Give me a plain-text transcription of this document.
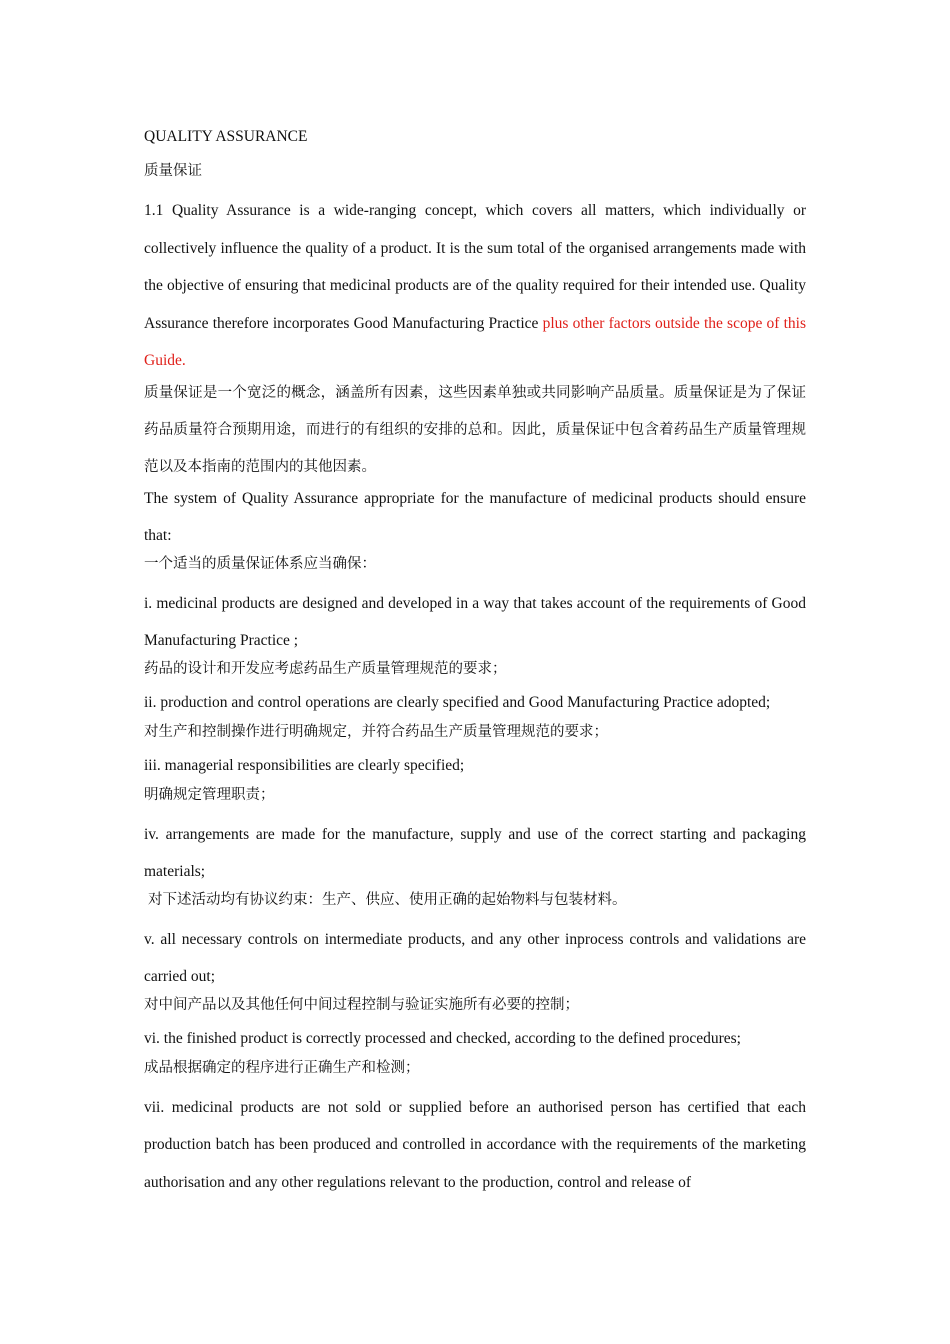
QUALITY ASSURANCE

质量保证

1.1 Quality Assurance is a wide-ranging concept, which covers all matters, which individually or collectively influence the quality of a product. It is the sum total of the organised arrangements made with the objective of ensuring that medicinal products are of the quality required for their intended use. Quality Assurance therefore incorporates Good Manufacturing Practice plus other factors outside the scope of this Guide.

质量保证是一个宽泛的概念，涵盖所有因素，这些因素单独或共同影响产品质量。质量保证是为了保证药品质量符合预期用途，而进行的有组织的安排的总和。因此，质量保证中包含着药品生产质量管理规范以及本指南的范围内的其他因素。

The system of Quality Assurance appropriate for the manufacture of medicinal products should ensure that:

一个适当的质量保证体系应当确保：

i. medicinal products are designed and developed in a way that takes account of the requirements of Good Manufacturing Practice ;

药品的设计和开发应考虑药品生产质量管理规范的要求；

ii. production and control operations are clearly specified and Good Manufacturing Practice adopted;

对生产和控制操作进行明确规定，并符合药品生产质量管理规范的要求；

iii. managerial responsibilities are clearly specified;

明确规定管理职责；

iv. arrangements are made for the manufacture, supply and use of the correct starting and packaging materials;

对下述活动均有协议约束：生产、供应、使用正确的起始物料与包装材料。

v. all necessary controls on intermediate products, and any other inprocess controls and validations are carried out;

对中间产品以及其他任何中间过程控制与验证实施所有必要的控制；

vi. the finished product is correctly processed and checked, according to the defined procedures;

成品根据确定的程序进行正确生产和检测；

vii. medicinal products are not sold or supplied before an authorised person has certified that each production batch has been produced and controlled in accordance with the requirements of the marketing authorisation and any other regulations relevant to the production, control and release of
